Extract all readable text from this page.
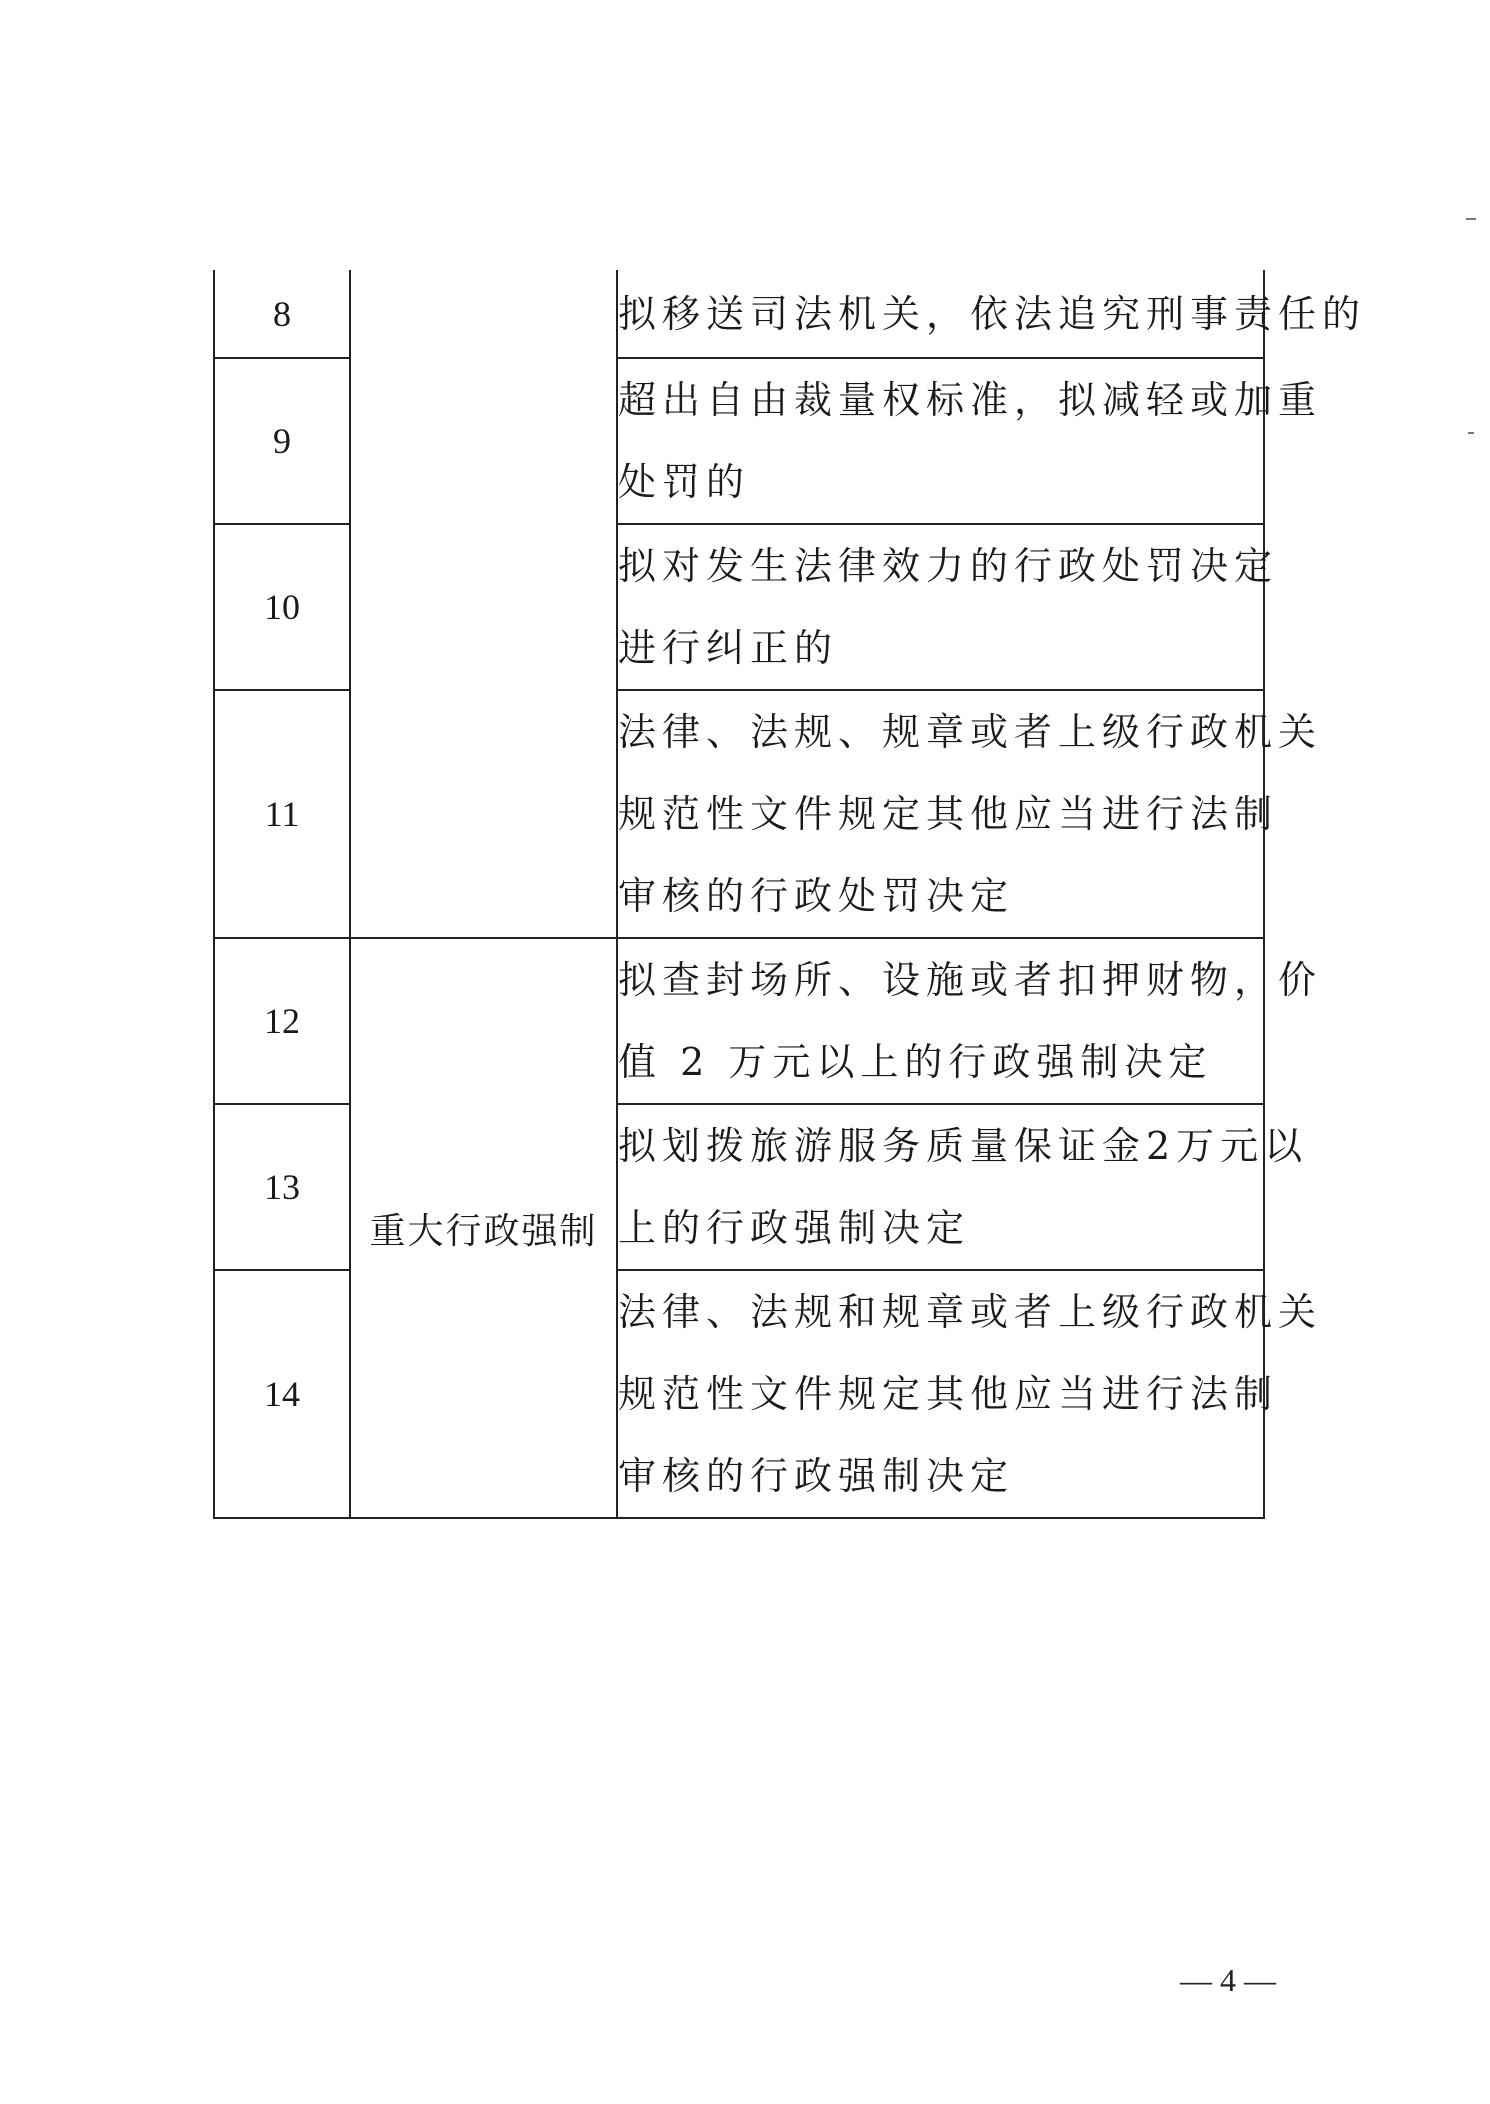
8		拟移送司法机关，依法追究刑事责任的

9		超出自由裁量权标准，拟减轻或加重
处罚的

10		拟对发生法律效力的行政处罚决定
进行纠正的

11		法律、法规、规章或者上级行政机关
规范性文件规定其他应当进行法制
审核的行政处罚决定

12	重大行政强制	拟查封场所、设施或者扣押财物，价
值 2 万元以上的行政强制决定

13		拟划拨旅游服务质量保证金2万元以
上的行政强制决定

14		法律、法规和规章或者上级行政机关
规范性文件规定其他应当进行法制
审核的行政强制决定
— 4 —
